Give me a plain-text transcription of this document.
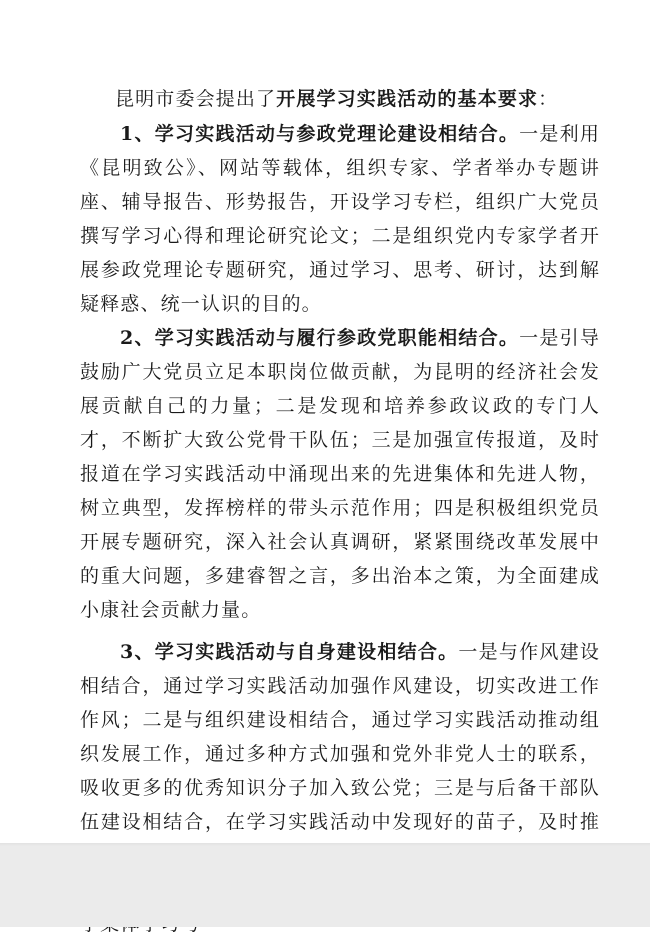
昆明市委会提出了开展学习实践活动的基本要求：

1、学习实践活动与参政党理论建设相结合。一是利用《昆明致公》、网站等载体，组织专家、学者举办专题讲座、辅导报告、形势报告，开设学习专栏，组织广大党员撰写学习心得和理论研究论文；二是组织党内专家学者开展参政党理论专题研究，通过学习、思考、研讨，达到解疑释惑、统一认识的目的。

2、学习实践活动与履行参政党职能相结合。一是引导鼓励广大党员立足本职岗位做贡献，为昆明的经济社会发展贡献自己的力量；二是发现和培养参政议政的专门人才，不断扩大致公党骨干队伍；三是加强宣传报道，及时报道在学习实践活动中涌现出来的先进集体和先进人物，树立典型，发挥榜样的带头示范作用；四是积极组织党员开展专题研究，深入社会认真调研，紧紧围绕改革发展中的重大问题，多建睿智之言，多出治本之策，为全面建成小康社会贡献力量。

3、学习实践活动与自身建设相结合。一是与作风建设相结合，通过学习实践活动加强作风建设，切实改进工作作风；二是与组织建设相结合，通过学习实践活动推动组织发展工作，通过多种方式加强和党外非党人士的联系，吸收更多的优秀知识分子加入致公党；三是与后备干部队伍建设相结合，在学习实践活动中发现好的苗子，及时推
